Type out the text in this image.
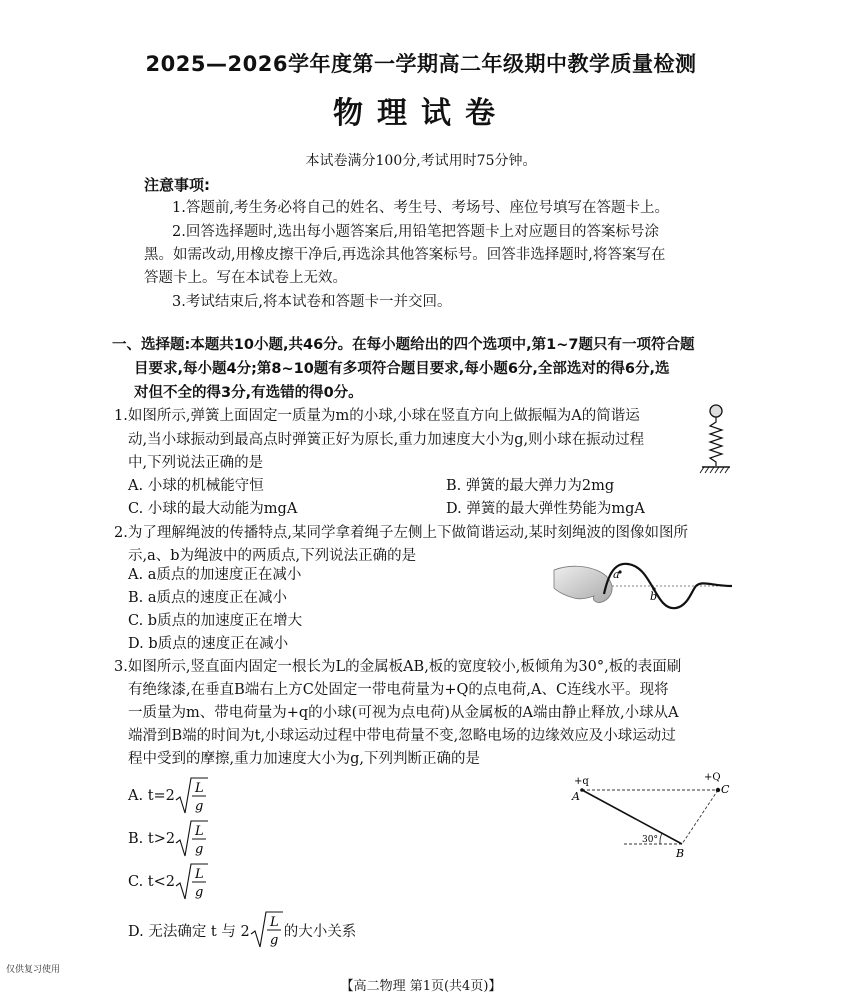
2025—2026学年度第一学期高二年级期中教学质量检测
物理试卷
本试卷满分100分,考试用时75分钟。
注意事项:
1.答题前,考生务必将自己的姓名、考生号、考场号、座位号填写在答题卡上。
2.回答选择题时,选出每小题答案后,用铅笔把答题卡上对应题目的答案标号涂
黑。如需改动,用橡皮擦干净后,再选涂其他答案标号。回答非选择题时,将答案写在
答题卡上。写在本试卷上无效。
3.考试结束后,将本试卷和答题卡一并交回。
一、选择题:本题共10小题,共46分。在每小题给出的四个选项中,第1~7题只有一项符合题
目要求,每小题4分;第8~10题有多项符合题目要求,每小题6分,全部选对的得6分,选
对但不全的得3分,有选错的得0分。
1.如图所示,弹簧上面固定一质量为m的小球,小球在竖直方向上做振幅为A的简谐运
动,当小球振动到最高点时弹簧正好为原长,重力加速度大小为g,则小球在振动过程
中,下列说法正确的是
A. 小球的机械能守恒	B. 弹簧的最大弹力为2mg
C. 小球的最大动能为mgA	D. 弹簧的最大弹性势能为mgA
2.为了理解绳波的传播特点,某同学拿着绳子左侧上下做简谐运动,某时刻绳波的图像如图所
示,a、b为绳波中的两质点,下列说法正确的是
A. a质点的加速度正在减小
B. a质点的速度正在减小
C. b质点的加速度正在增大
D. b质点的速度正在减小
a
b
3.如图所示,竖直面内固定一根长为L的金属板AB,板的宽度较小,板倾角为30°,板的表面刷
有绝缘漆,在垂直B端右上方C处固定一带电荷量为+Q的点电荷,A、C连线水平。现将
一质量为m、带电荷量为+q的小球(可视为点电荷)从金属板的A端由静止释放,小球从A
端滑到B端的时间为t,小球运动过程中带电荷量不变,忽略电场的边缘效应及小球运动过
程中受到的摩擦,重力加速度大小为g,下列判断正确的是
A. t=2 L
g
B. t>2 L
g
C. t<2 L
g
D. 无法确定 t 与 2
L
g
的大小关系
+q	+Q
30°
A
C
B
仅供复习使用
【高二物理 第1页(共4页)】
